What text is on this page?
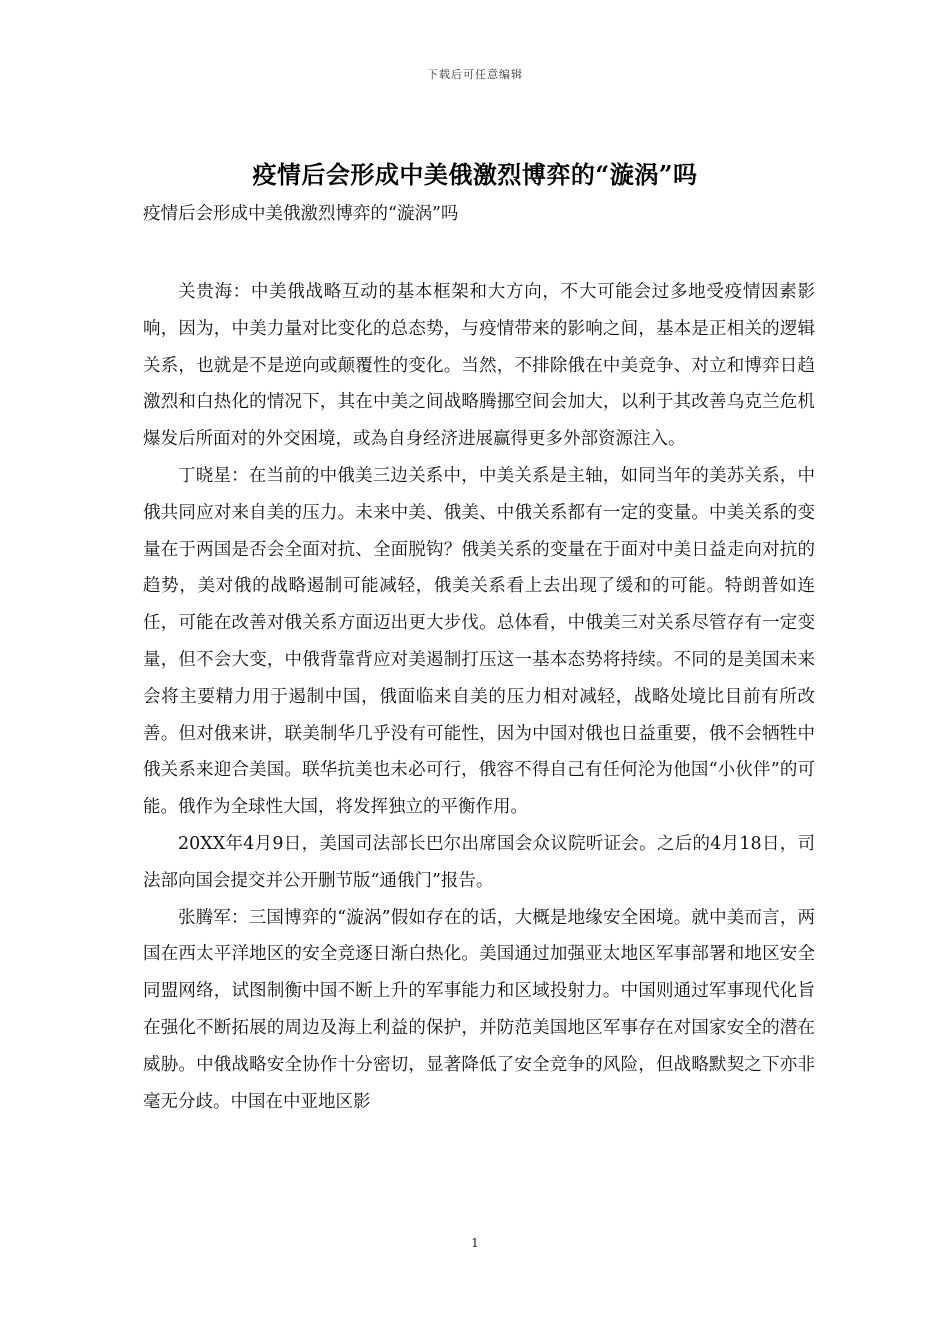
下载后可任意编辑
疫情后会形成中美俄激烈博弈的“漩涡”吗
疫情后会形成中美俄激烈博弈的“漩涡”吗

关贵海：中美俄战略互动的基本框架和大方向，不大可能会过多地受疫情因素影响，因为，中美力量对比变化的总态势，与疫情带来的影响之间，基本是正相关的逻辑关系，也就是不是逆向或颠覆性的变化。当然，不排除俄在中美竞争、对立和博弈日趋激烈和白热化的情况下，其在中美之间战略腾挪空间会加大，以利于其改善乌克兰危机爆发后所面对的外交困境，或為自身经济进展赢得更多外部资源注入。

丁晓星：在当前的中俄美三边关系中，中美关系是主轴，如同当年的美苏关系，中俄共同应对来自美的压力。未来中美、俄美、中俄关系都有一定的变量。中美关系的变量在于两国是否会全面对抗、全面脱钩？俄美关系的变量在于面对中美日益走向对抗的趋势，美对俄的战略遏制可能减轻，俄美关系看上去出现了缓和的可能。特朗普如连任，可能在改善对俄关系方面迈出更大步伐。总体看，中俄美三对关系尽管存有一定变量，但不会大变，中俄背靠背应对美遏制打压这一基本态势将持续。不同的是美国未来会将主要精力用于遏制中国，俄面临来自美的压力相对减轻，战略处境比目前有所改善。但对俄来讲，联美制华几乎没有可能性，因为中国对俄也日益重要，俄不会牺牲中俄关系来迎合美国。联华抗美也未必可行，俄容不得自己有任何沦为他国“小伙伴”的可能。俄作为全球性大国，将发挥独立的平衡作用。

20XX年4月9日，美国司法部长巴尔出席国会众议院听证会。之后的4月18日，司法部向国会提交并公开删节版“通俄门”报告。

张腾军：三国博弈的“漩涡”假如存在的话，大概是地缘安全困境。就中美而言，两国在西太平洋地区的安全竞逐日渐白热化。美国通过加强亚太地区军事部署和地区安全同盟网络，试图制衡中国不断上升的军事能力和区域投射力。中国则通过军事现代化旨在强化不断拓展的周边及海上利益的保护，并防范美国地区军事存在对国家安全的潜在威胁。中俄战略安全协作十分密切，显著降低了安全竞争的风险，但战略默契之下亦非毫无分歧。中国在中亚地区影

1
